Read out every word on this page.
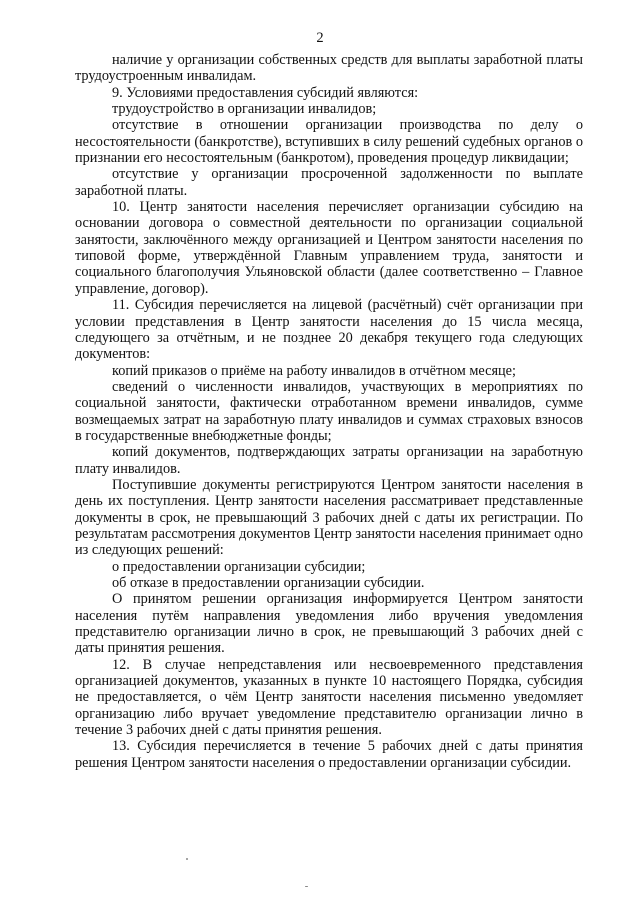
2

наличие у организации собственных средств для выплаты заработной платы трудоустроенным инвалидам.

9. Условиями предоставления субсидий являются:

трудоустройство в организации инвалидов;

отсутствие в отношении организации производства по делу о несостоятельности (банкротстве), вступивших в силу решений судебных органов о признании его несостоятельным (банкротом), проведения процедур ликвидации;

отсутствие у организации просроченной задолженности по выплате заработной платы.

10. Центр занятости населения перечисляет организации субсидию на основании договора о совместной деятельности по организации социальной занятости, заключённого между организацией и Центром занятости населения по типовой форме, утверждённой Главным управлением труда, занятости и социального благополучия Ульяновской области (далее соответственно – Главное управление, договор).

11. Субсидия перечисляется на лицевой (расчётный) счёт организации при условии представления в Центр занятости населения до 15 числа месяца, следующего за отчётным, и не позднее 20 декабря текущего года следующих документов:

копий приказов о приёме на работу инвалидов в отчётном месяце;

сведений о численности инвалидов, участвующих в мероприятиях по социальной занятости, фактически отработанном времени инвалидов, сумме возмещаемых затрат на заработную плату инвалидов и суммах страховых взносов в государственные внебюджетные фонды;

копий документов, подтверждающих затраты организации на заработную плату инвалидов.

Поступившие документы регистрируются Центром занятости населения в день их поступления. Центр занятости населения рассматривает представленные документы в срок, не превышающий 3 рабочих дней с даты их регистрации. По результатам рассмотрения документов Центр занятости населения принимает одно из следующих решений:

о предоставлении организации субсидии;

об отказе в предоставлении организации субсидии.

О принятом решении организация информируется Центром занятости населения путём направления уведомления либо вручения уведомления представителю организации лично в срок, не превышающий 3 рабочих дней с даты принятия решения.

12. В случае непредставления или несвоевременного представления организацией документов, указанных в пункте 10 настоящего Порядка, субсидия не предоставляется, о чём Центр занятости населения письменно уведомляет организацию либо вручает уведомление представителю организации лично в течение 3 рабочих дней с даты принятия решения.

13. Субсидия перечисляется в течение 5 рабочих дней с даты принятия решения Центром занятости населения о предоставлении организации субсидии.
